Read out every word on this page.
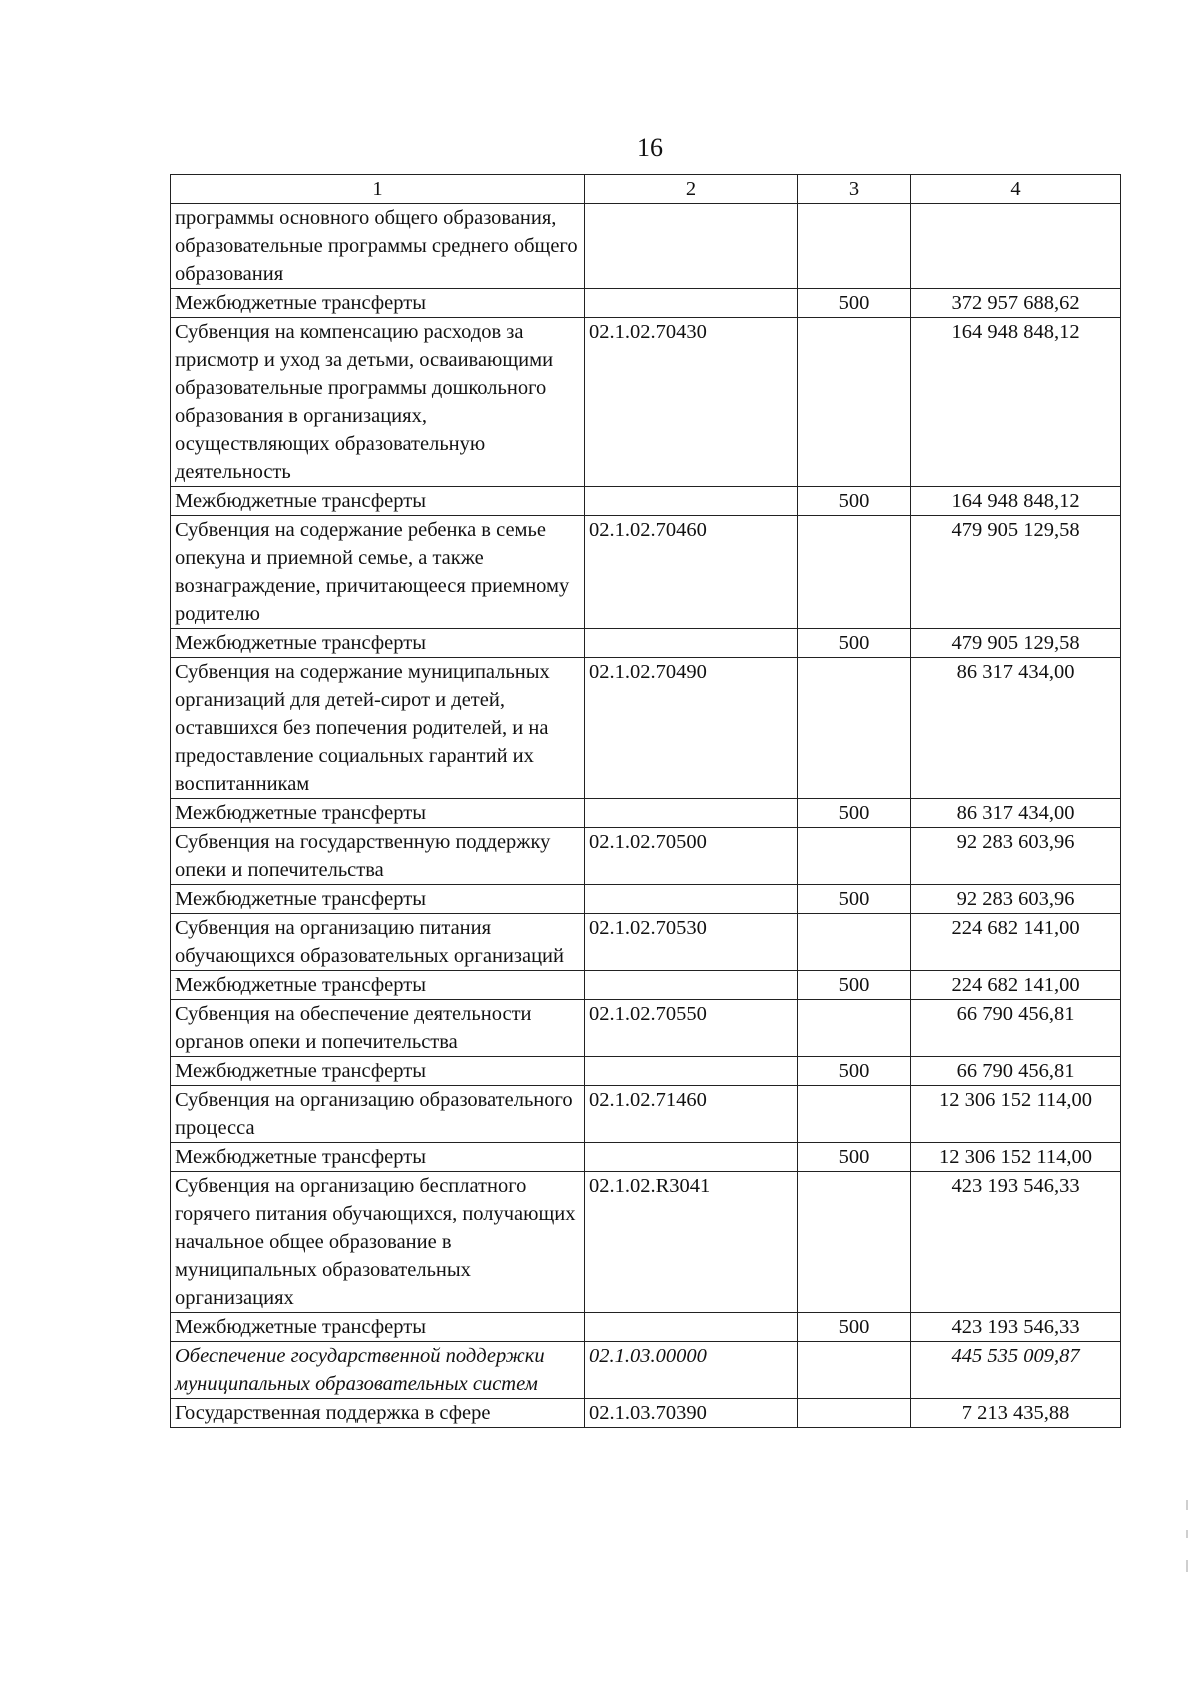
16
1	2	3	4
программы основного общего образования, образовательные программы среднего общего образования			
Межбюджетные трансферты		500	372 957 688,62
Субвенция на компенсацию расходов за присмотр и уход за детьми, осваивающими образовательные программы дошкольного образования в организациях, осуществляющих образовательную деятельность	02.1.02.70430		164 948 848,12
Межбюджетные трансферты		500	164 948 848,12
Субвенция на содержание ребенка в семье опекуна и приемной семье, а также вознаграждение, причитающееся приемному родителю	02.1.02.70460		479 905 129,58
Межбюджетные трансферты		500	479 905 129,58
Субвенция на содержание муниципальных организаций для детей-сирот и детей, оставшихся без попечения родителей, и на предоставление социальных гарантий их воспитанникам	02.1.02.70490		86 317 434,00
Межбюджетные трансферты		500	86 317 434,00
Субвенция на государственную поддержку опеки и попечительства	02.1.02.70500		92 283 603,96
Межбюджетные трансферты		500	92 283 603,96
Субвенция на организацию питания обучающихся образовательных организаций	02.1.02.70530		224 682 141,00
Межбюджетные трансферты		500	224 682 141,00
Субвенция на обеспечение деятельности органов опеки и попечительства	02.1.02.70550		66 790 456,81
Межбюджетные трансферты		500	66 790 456,81
Субвенция на организацию образовательного процесса	02.1.02.71460		12 306 152 114,00
Межбюджетные трансферты		500	12 306 152 114,00
Субвенция на организацию бесплатного горячего питания обучающихся, получающих начальное общее образование в муниципальных образовательных организациях	02.1.02.R3041		423 193 546,33
Межбюджетные трансферты		500	423 193 546,33
Обеспечение государственной поддержки муниципальных образовательных систем	02.1.03.00000		445 535 009,87
Государственная поддержка в сфере	02.1.03.70390		7 213 435,88
